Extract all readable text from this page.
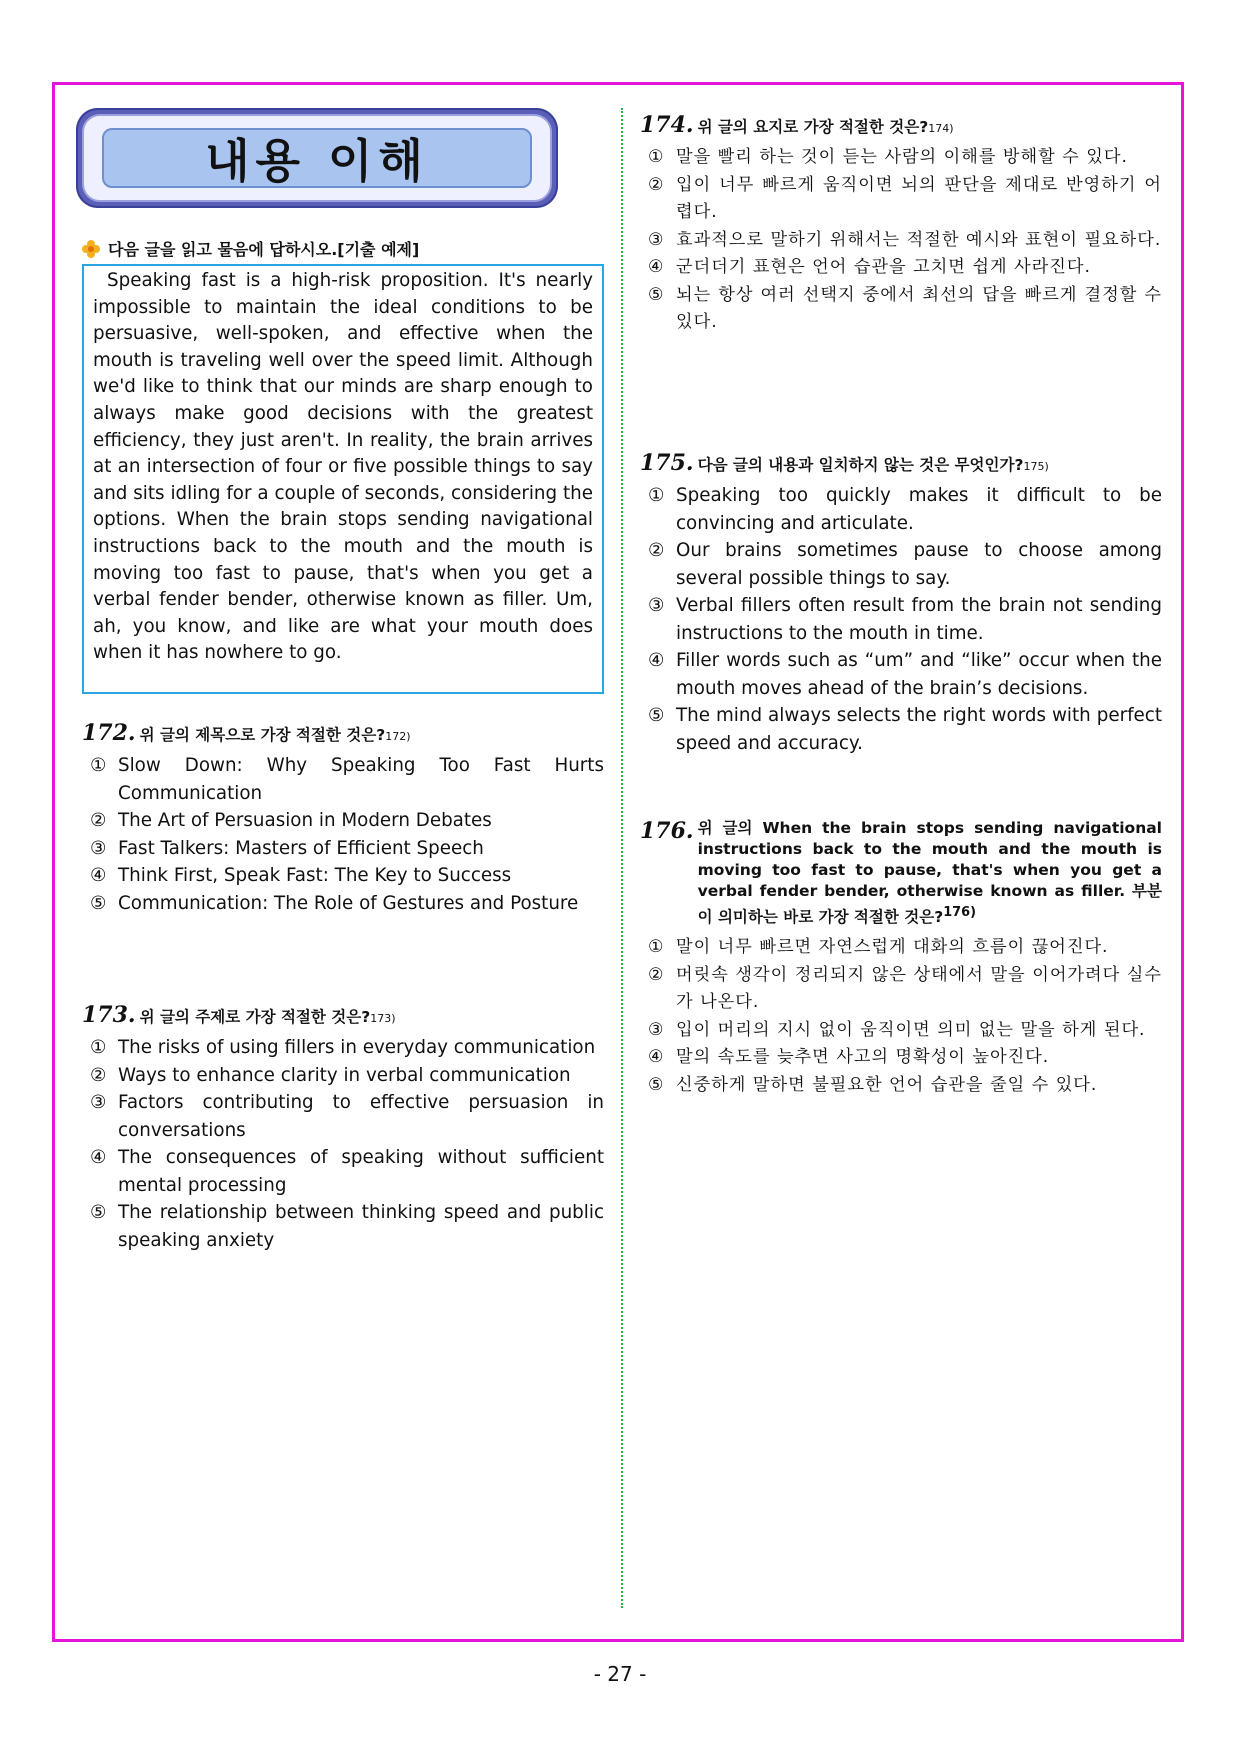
내용 이해
다음 글을 읽고 물음에 답하시오.[기출 예제]

Speaking fast is a high-risk proposition. It's nearly impossible to maintain the ideal conditions to be persuasive, well-spoken, and effective when the mouth is traveling well over the speed limit. Although we'd like to think that our minds are sharp enough to always make good decisions with the greatest efficiency, they just aren't. In reality, the brain arrives at an intersection of four or five possible things to say and sits idling for a couple of seconds, considering the options. When the brain stops sending navigational instructions back to the mouth and the mouth is moving too fast to pause, that's when you get a verbal fender bender, otherwise known as filler. Um, ah, you know, and like are what your mouth does when it has nowhere to go.

172. 위 글의 제목으로 가장 적절한 것은? 172)
① Slow Down: Why Speaking Too Fast Hurts Communication
② The Art of Persuasion in Modern Debates
③ Fast Talkers: Masters of Efficient Speech
④ Think First, Speak Fast: The Key to Success
⑤ Communication: The Role of Gestures and Posture
173. 위 글의 주제로 가장 적절한 것은? 173)
① The risks of using fillers in everyday communication
② Ways to enhance clarity in verbal communication
③ Factors contributing to effective persuasion in conversations
④ The consequences of speaking without sufficient mental processing
⑤ The relationship between thinking speed and public speaking anxiety
174. 위 글의 요지로 가장 적절한 것은? 174)
① 말을 빨리 하는 것이 듣는 사람의 이해를 방해할 수 있다.
② 입이 너무 빠르게 움직이면 뇌의 판단을 제대로 반영하기 어렵다.
③ 효과적으로 말하기 위해서는 적절한 예시와 표현이 필요하다.
④ 군더더기 표현은 언어 습관을 고치면 쉽게 사라진다.
⑤ 뇌는 항상 여러 선택지 중에서 최선의 답을 빠르게 결정할 수 있다.
175. 다음 글의 내용과 일치하지 않는 것은 무엇인가? 175)
① Speaking too quickly makes it difficult to be convincing and articulate.
② Our brains sometimes pause to choose among several possible things to say.
③ Verbal fillers often result from the brain not sending instructions to the mouth in time.
④ Filler words such as “um” and “like” occur when the mouth moves ahead of the brain’s decisions.
⑤ The mind always selects the right words with perfect speed and accuracy.
176. 위 글의 When the brain stops sending navigational instructions back to the mouth and the mouth is moving too fast to pause, that's when you get a verbal fender bender, otherwise known as filler. 부분이 의미하는 바로 가장 적절한 것은?$^{176)}$
① 말이 너무 빠르면 자연스럽게 대화의 흐름이 끊어진다.
② 머릿속 생각이 정리되지 않은 상태에서 말을 이어가려다 실수가 나온다.
③ 입이 머리의 지시 없이 움직이면 의미 없는 말을 하게 된다.
④ 말의 속도를 늦추면 사고의 명확성이 높아진다.
⑤ 신중하게 말하면 불필요한 언어 습관을 줄일 수 있다.
- 27 -
